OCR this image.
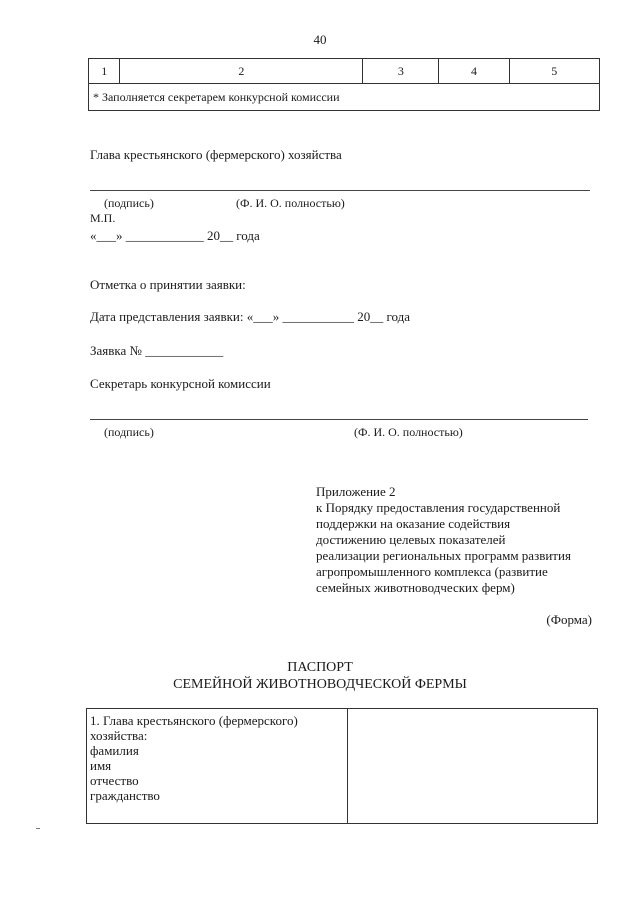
40
1	2	3	4	5
* Заполняется секретарем конкурсной комиссии
Глава крестьянского (фермерского) хозяйства
(подпись)	(Ф. И. О. полностью)
М.П.
«___» ____________ 20__ года
Отметка о принятии заявки:
Дата представления заявки: «___» ___________ 20__ года
Заявка № ____________
Секретарь конкурсной комиссии
(подпись)	(Ф. И. О. полностью)
Приложение 2
к Порядку предоставления государственной
поддержки на оказание содействия
достижению целевых показателей
реализации региональных программ развития
агропромышленного комплекса (развитие
семейных животноводческих ферм)
(Форма)
ПАСПОРТ
СЕМЕЙНОЙ ЖИВОТНОВОДЧЕСКОЙ ФЕРМЫ
1. Глава крестьянского (фермерского)
хозяйства:
фамилия
имя
отчество
гражданство
